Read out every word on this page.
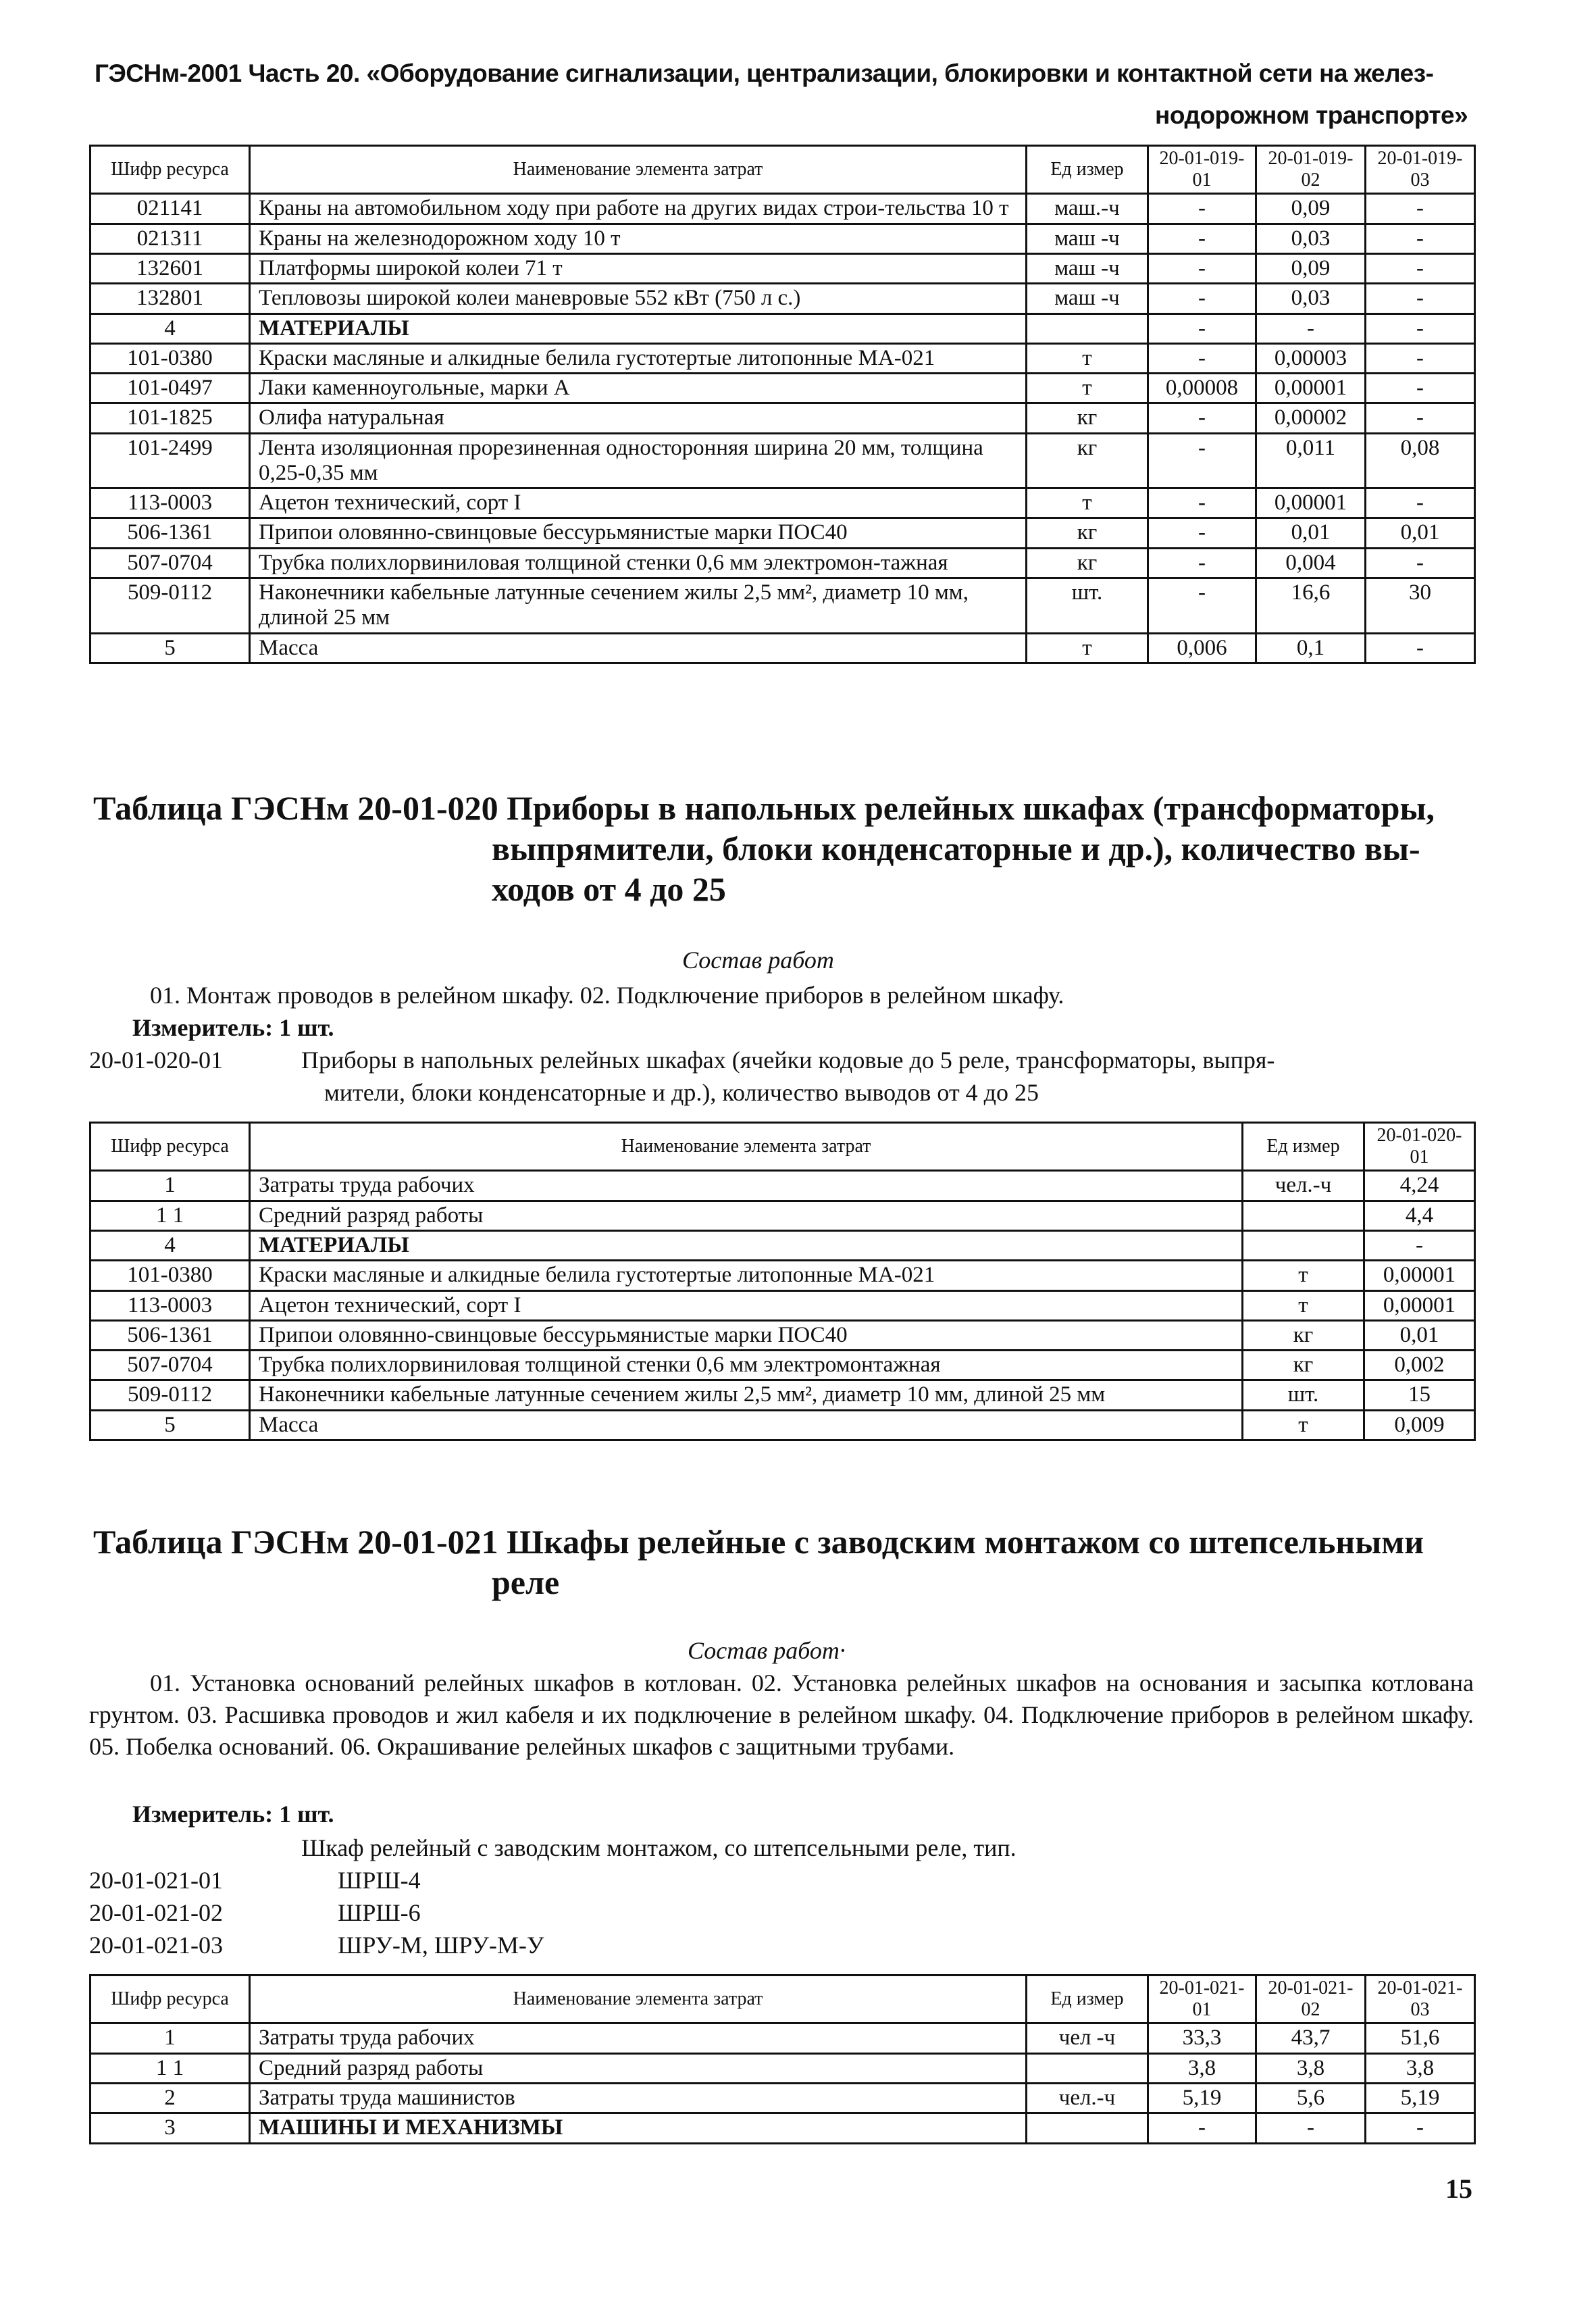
ГЭСНм-2001 Часть 20. «Оборудование сигнализации, централизации, блокировки и контактной сети на желез-
нодорожном транспорте»
Шифр ресурса	Наименование элемента затрат	Ед измер	20-01-019-01	20-01-019-02	20-01-019-03
021141	Краны на автомобильном ходу при работе на других видах строи-тельства 10 т	маш.-ч	-	0,09	-
021311	Краны на железнодорожном ходу 10 т	маш -ч	-	0,03	-
132601	Платформы широкой колеи 71 т	маш -ч	-	0,09	-
132801	Тепловозы широкой колеи маневровые 552 кВт (750 л с.)	маш -ч	-	0,03	-
4	МАТЕРИАЛЫ		-	-	-
101-0380	Краски масляные и алкидные белила густотертые литопонные МА-021	т	-	0,00003	-
101-0497	Лаки каменноугольные, марки А	т	0,00008	0,00001	-
101-1825	Олифа натуральная	кг	-	0,00002	-
101-2499	Лента изоляционная прорезиненная односторонняя ширина 20 мм, толщина 0,25-0,35 мм	кг	-	0,011	0,08
113-0003	Ацетон технический, сорт I	т	-	0,00001	-
506-1361	Припои оловянно-свинцовые бессурьмянистые марки ПОС40	кг	-	0,01	0,01
507-0704	Трубка полихлорвиниловая толщиной стенки 0,6 мм электромон-тажная	кг	-	0,004	-
509-0112	Наконечники кабельные латунные сечением жилы 2,5 мм², диаметр 10 мм, длиной 25 мм	шт.	-	16,6	30
5	Масса	т	0,006	0,1	-
Таблица ГЭСНм 20-01-020 Приборы в напольных релейных шкафах (трансформаторы,
выпрямители, блоки конденсаторные и др.), количество вы-
ходов от 4 до 25
Состав работ
01. Монтаж проводов в релейном шкафу. 02. Подключение приборов в релейном шкафу.
Измеритель: 1 шт.
20-01-020-01	Приборы в напольных релейных шкафах (ячейки кодовые до 5 реле, трансформаторы, выпря-
мители, блоки конденсаторные и др.), количество выводов от 4 до 25
Шифр ресурса	Наименование элемента затрат	Ед измер	20-01-020-01
1	Затраты труда рабочих	чел.-ч	4,24
1 1	Средний разряд работы		4,4
4	МАТЕРИАЛЫ		-
101-0380	Краски масляные и алкидные белила густотертые литопонные МА-021	т	0,00001
113-0003	Ацетон технический, сорт I	т	0,00001
506-1361	Припои оловянно-свинцовые бессурьмянистые марки ПОС40	кг	0,01
507-0704	Трубка полихлорвиниловая толщиной стенки 0,6 мм электромонтажная	кг	0,002
509-0112	Наконечники кабельные латунные сечением жилы 2,5 мм², диаметр 10 мм, длиной 25 мм	шт.	15
5	Масса	т	0,009
Таблица ГЭСНм 20-01-021 Шкафы релейные с заводским монтажом со штепсельными
реле
Состав работ·
01. Установка оснований релейных шкафов в котлован. 02. Установка релейных шкафов на основания и засыпка котлована грунтом. 03. Расшивка проводов и жил кабеля и их подключение в релейном шкафу. 04. Подключение приборов в релейном шкафу. 05. Побелка оснований. 06. Окрашивание релейных шкафов с защитными трубами.
Измеритель: 1 шт.
Шкаф релейный с заводским монтажом, со штепсельными реле, тип.
20-01-021-01	ШРШ-4
20-01-021-02	ШРШ-6
20-01-021-03	ШРУ-М, ШРУ-М-У
Шифр ресурса	Наименование элемента затрат	Ед измер	20-01-021-01	20-01-021-02	20-01-021-03
1	Затраты труда рабочих	чел -ч	33,3	43,7	51,6
1 1	Средний разряд работы		3,8	3,8	3,8
2	Затраты труда машинистов	чел.-ч	5,19	5,6	5,19
3	МАШИНЫ И МЕХАНИЗМЫ		-	-	-
15
